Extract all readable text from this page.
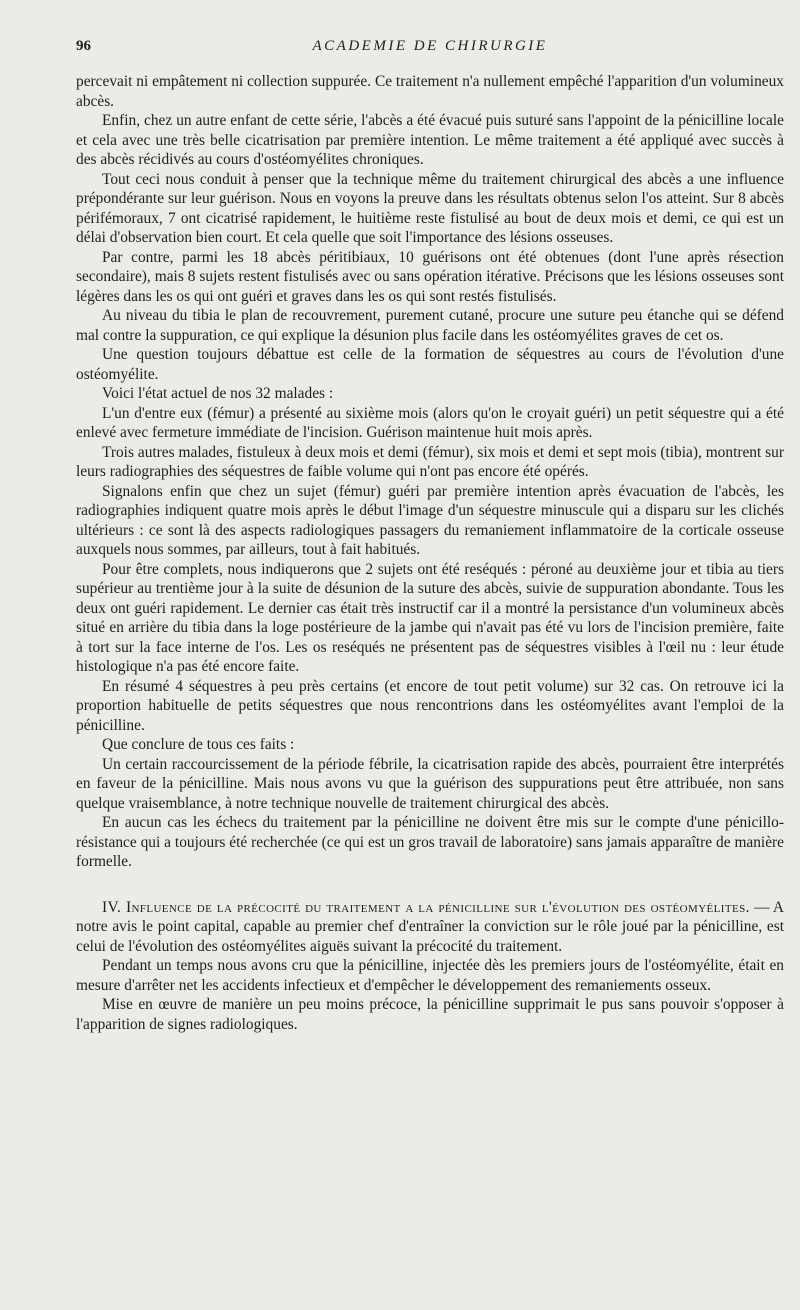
96	ACADEMIE DE CHIRURGIE

percevait ni empâtement ni collection suppurée. Ce traitement n'a nullement empêché l'apparition d'un volumineux abcès.

Enfin, chez un autre enfant de cette série, l'abcès a été évacué puis suturé sans l'appoint de la pénicilline locale et cela avec une très belle cicatrisation par première intention. Le même traitement a été appliqué avec succès à des abcès récidivés au cours d'ostéomyélites chroniques.

Tout ceci nous conduit à penser que la technique même du traitement chirurgical des abcès a une influence prépondérante sur leur guérison. Nous en voyons la preuve dans les résultats obtenus selon l'os atteint. Sur 8 abcès périfémoraux, 7 ont cicatrisé rapidement, le huitième reste fistulisé au bout de deux mois et demi, ce qui est un délai d'observation bien court. Et cela quelle que soit l'importance des lésions osseuses.

Par contre, parmi les 18 abcès péritibiaux, 10 guérisons ont été obtenues (dont l'une après résection secondaire), mais 8 sujets restent fistulisés avec ou sans opération itérative. Précisons que les lésions osseuses sont légères dans les os qui ont guéri et graves dans les os qui sont restés fistulisés.

Au niveau du tibia le plan de recouvrement, purement cutané, procure une suture peu étanche qui se défend mal contre la suppuration, ce qui explique la désunion plus facile dans les ostéomyélites graves de cet os.

Une question toujours débattue est celle de la formation de séquestres au cours de l'évolution d'une ostéomyélite.

Voici l'état actuel de nos 32 malades :

L'un d'entre eux (fémur) a présenté au sixième mois (alors qu'on le croyait guéri) un petit séquestre qui a été enlevé avec fermeture immédiate de l'incision. Guérison maintenue huit mois après.

Trois autres malades, fistuleux à deux mois et demi (fémur), six mois et demi et sept mois (tibia), montrent sur leurs radiographies des séquestres de faible volume qui n'ont pas encore été opérés.

Signalons enfin que chez un sujet (fémur) guéri par première intention après évacuation de l'abcès, les radiographies indiquent quatre mois après le début l'image d'un séquestre minuscule qui a disparu sur les clichés ultérieurs : ce sont là des aspects radiologiques passagers du remaniement inflammatoire de la corticale osseuse auxquels nous sommes, par ailleurs, tout à fait habitués.

Pour être complets, nous indiquerons que 2 sujets ont été reséqués : péroné au deuxième jour et tibia au tiers supérieur au trentième jour à la suite de désunion de la suture des abcès, suivie de suppuration abondante. Tous les deux ont guéri rapidement. Le dernier cas était très instructif car il a montré la persistance d'un volumineux abcès situé en arrière du tibia dans la loge postérieure de la jambe qui n'avait pas été vu lors de l'incision première, faite à tort sur la face interne de l'os. Les os reséqués ne présentent pas de séquestres visibles à l'œil nu : leur étude histologique n'a pas été encore faite.

En résumé 4 séquestres à peu près certains (et encore de tout petit volume) sur 32 cas. On retrouve ici la proportion habituelle de petits séquestres que nous rencontrions dans les ostéomyélites avant l'emploi de la pénicilline.

Que conclure de tous ces faits :

Un certain raccourcissement de la période fébrile, la cicatrisation rapide des abcès, pourraient être interprétés en faveur de la pénicilline. Mais nous avons vu que la guérison des suppurations peut être attribuée, non sans quelque vraisemblance, à notre technique nouvelle de traitement chirurgical des abcès.

En aucun cas les échecs du traitement par la pénicilline ne doivent être mis sur le compte d'une pénicillo-résistance qui a toujours été recherchée (ce qui est un gros travail de laboratoire) sans jamais apparaître de manière formelle.

IV. Influence de la précocité du traitement a la pénicilline sur l'évolution des ostéomyélites. — A notre avis le point capital, capable au premier chef d'entraîner la conviction sur le rôle joué par la pénicilline, est celui de l'évolution des ostéomyélites aiguës suivant la précocité du traitement.

Pendant un temps nous avons cru que la pénicilline, injectée dès les premiers jours de l'ostéomyélite, était en mesure d'arrêter net les accidents infectieux et d'empêcher le développement des remaniements osseux.

Mise en œuvre de manière un peu moins précoce, la pénicilline supprimait le pus sans pouvoir s'opposer à l'apparition de signes radiologiques.
